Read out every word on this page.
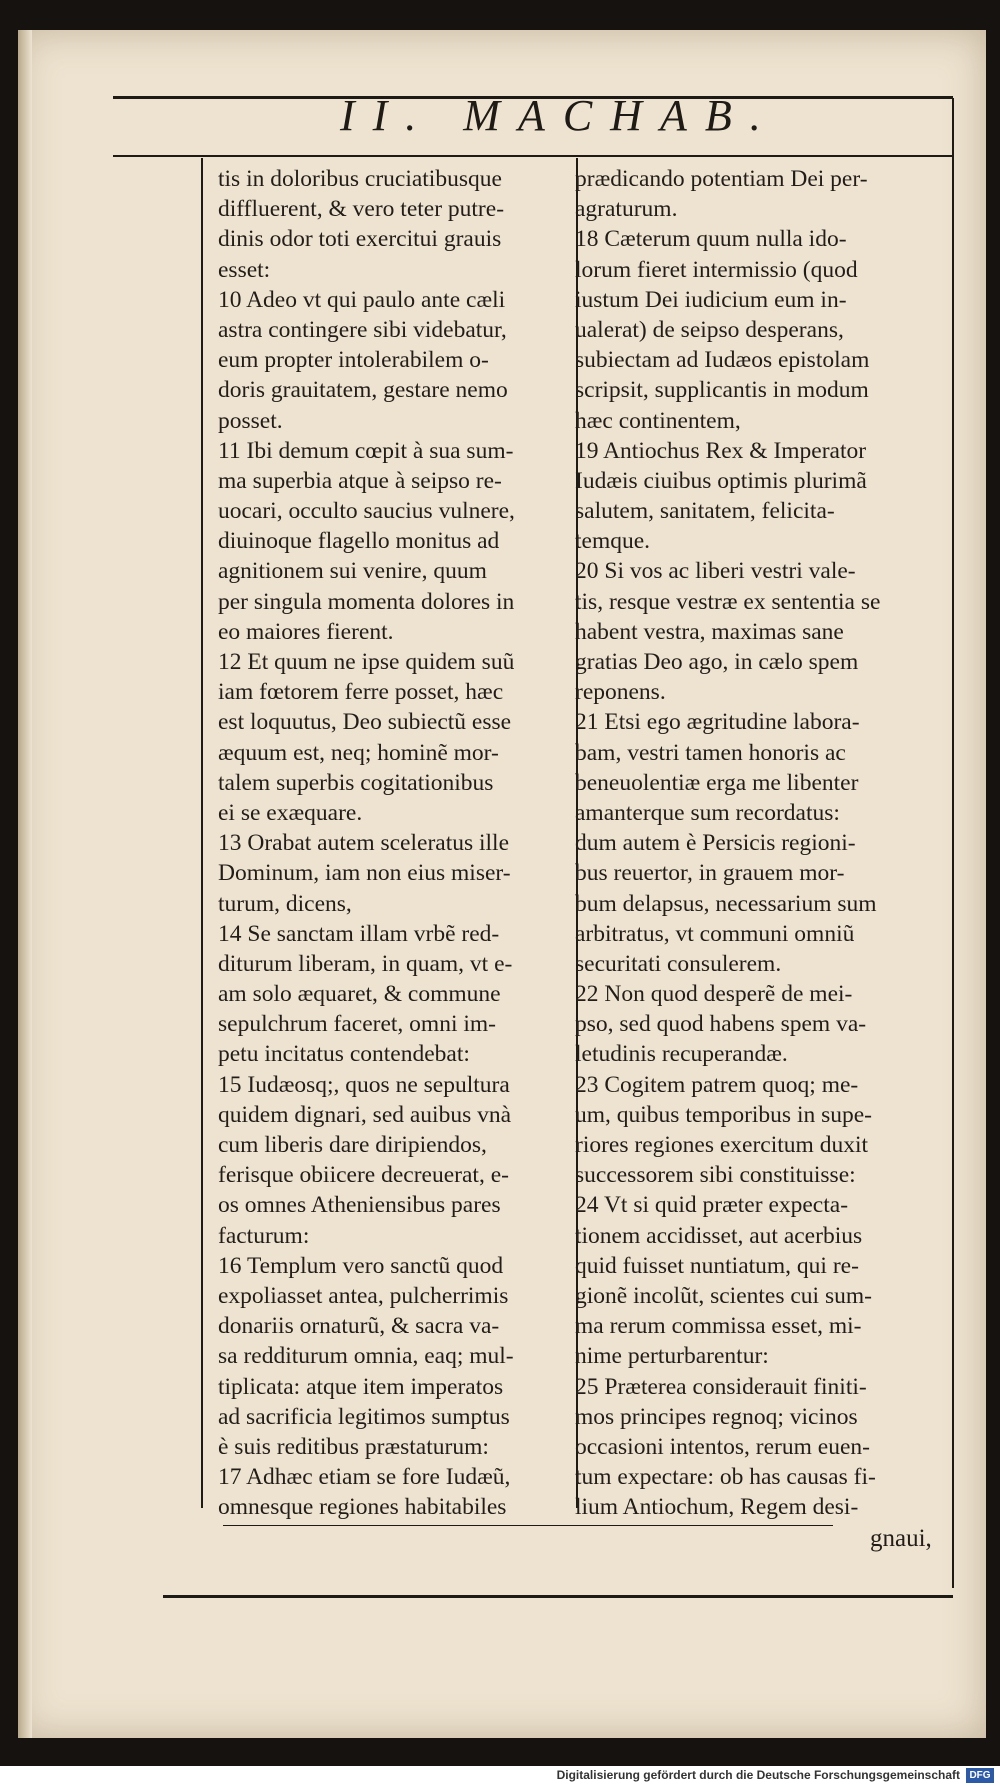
II. MACHAB.
tis in doloribus cruciatibusque
diffluerent, & vero teter putre-
dinis odor toti exercitui grauis
esset:
10 Adeo vt qui paulo ante cæli
astra contingere sibi videbatur,
eum propter intolerabilem o-
doris grauitatem, gestare nemo
posset.
11 Ibi demum cœpit à sua sum-
ma superbia atque à seipso re-
uocari, occulto saucius vulnere,
diuinoque flagello monitus ad
agnitionem sui venire, quum
per singula momenta dolores in
eo maiores fierent.
12 Et quum ne ipse quidem suũ
iam fœtorem ferre posset, hæc
est loquutus, Deo subiectũ esse
æquum est, neq; hominẽ mor-
talem superbis cogitationibus
ei se exæquare.
13 Orabat autem sceleratus ille
Dominum, iam non eius miser-
turum, dicens,
14 Se sanctam illam vrbẽ red-
diturum liberam, in quam, vt e-
am solo æquaret, & commune
sepulchrum faceret, omni im-
petu incitatus contendebat:
15 Iudæosq;, quos ne sepultura
quidem dignari, sed auibus vnà
cum liberis dare diripiendos,
ferisque obiicere decreuerat, e-
os omnes Atheniensibus pares
facturum:
16 Templum vero sanctũ quod
expoliasset antea, pulcherrimis
donariis ornaturũ, & sacra va-
sa redditurum omnia, eaq; mul-
tiplicata: atque item imperatos
ad sacrificia legitimos sumptus
è suis reditibus præstaturum:
17 Adhæc etiam se fore Iudæũ,
omnesque regiones habitabiles
prædicando potentiam Dei per-
agraturum.
18 Cæterum quum nulla ido-
lorum fieret intermissio (quod
iustum Dei iudicium eum in-
ualerat) de seipso desperans,
subiectam ad Iudæos epistolam
scripsit, supplicantis in modum
hæc continentem,
19 Antiochus Rex & Imperator
Iudæis ciuibus optimis plurimã
salutem, sanitatem, felicita-
temque.
20 Si vos ac liberi vestri vale-
tis, resque vestræ ex sententia se
habent vestra, maximas sane
gratias Deo ago, in cælo spem
reponens.
21 Etsi ego ægritudine labora-
bam, vestri tamen honoris ac
beneuolentiæ erga me libenter
amanterque sum recordatus:
dum autem è Persicis regioni-
bus reuertor, in grauem mor-
bum delapsus, necessarium sum
arbitratus, vt communi omniũ
securitati consulerem.
22 Non quod desperẽ de mei-
pso, sed quod habens spem va-
letudinis recuperandæ.
23 Cogitem patrem quoq; me-
um, quibus temporibus in supe-
riores regiones exercitum duxit
successorem sibi constituisse:
24 Vt si quid præter expecta-
tionem accidisset, aut acerbius
quid fuisset nuntiatum, qui re-
gionẽ incolũt, scientes cui sum-
ma rerum commissa esset, mi-
nime perturbarentur:
25 Præterea considerauit finiti-
mos principes regnoq; vicinos
occasioni intentos, rerum euen-
tum expectare: ob has causas fi-
lium Antiochum, Regem desi-
gnaui,
Digitalisierung gefördert durch die Deutsche Forschungsgemeinschaft DFG
